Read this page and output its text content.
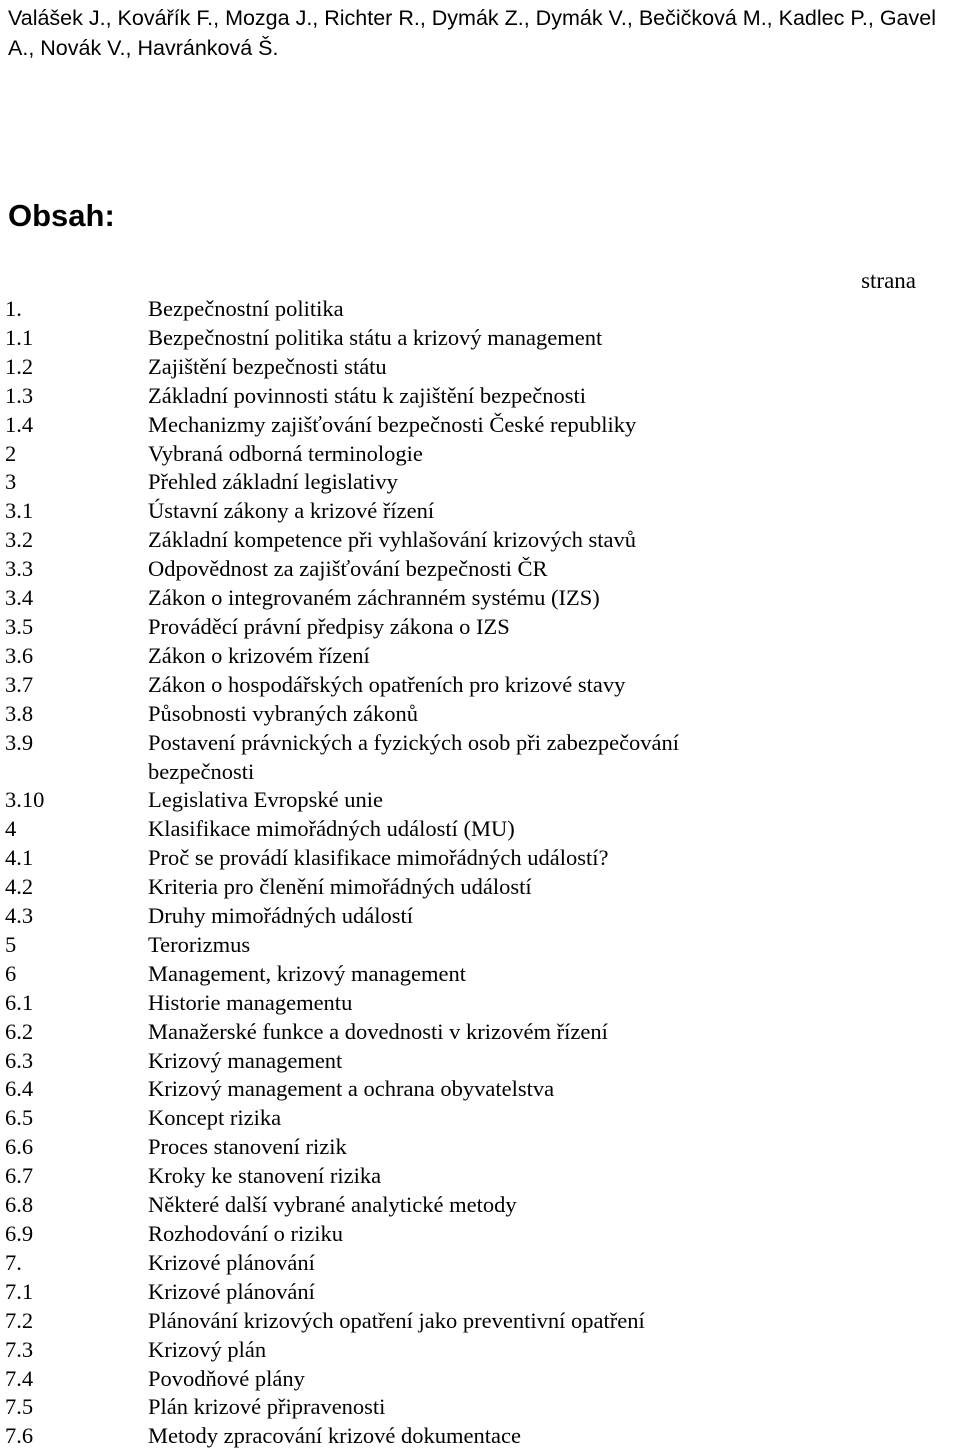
Valášek J., Kovářík F., Mozga J., Richter R., Dymák Z., Dymák V., Bečičková M., Kadlec P., Gavel A., Novák V., Havránková Š.

Obsah:
strana
1.	Bezpečnostní politika
1.1	Bezpečnostní politika státu a krizový management
1.2	Zajištění bezpečnosti státu
1.3	Základní povinnosti státu k zajištění bezpečnosti
1.4	Mechanizmy zajišťování bezpečnosti České republiky
2	Vybraná odborná terminologie
3	Přehled základní legislativy
3.1	Ústavní zákony a krizové řízení
3.2	Základní kompetence při vyhlašování krizových stavů
3.3	Odpovědnost za zajišťování bezpečnosti ČR
3.4	Zákon o integrovaném záchranném systému (IZS)
3.5	Prováděcí právní předpisy zákona o IZS
3.6	Zákon o krizovém řízení
3.7	Zákon o hospodářských opatřeních pro krizové stavy
3.8	Působnosti vybraných zákonů
3.9	Postavení právnických a fyzických osob při zabezpečování bezpečnosti
3.10	Legislativa Evropské unie
4	Klasifikace mimořádných událostí (MU)
4.1	Proč se provádí klasifikace mimořádných událostí?
4.2	Kriteria pro členění mimořádných událostí
4.3	Druhy mimořádných událostí
5	Terorizmus
6	Management, krizový management
6.1	Historie managementu
6.2	Manažerské funkce a dovednosti v krizovém řízení
6.3	Krizový management
6.4	Krizový management a ochrana obyvatelstva
6.5	Koncept rizika
6.6	Proces stanovení rizik
6.7	Kroky ke stanovení rizika
6.8	Některé další vybrané analytické metody
6.9	Rozhodování o riziku
7.	Krizové plánování
7.1	Krizové plánování
7.2	Plánování krizových opatření jako preventivní opatření
7.3	Krizový plán
7.4	Povodňové plány
7.5	Plán krizové připravenosti
7.6	Metody zpracování krizové dokumentace
